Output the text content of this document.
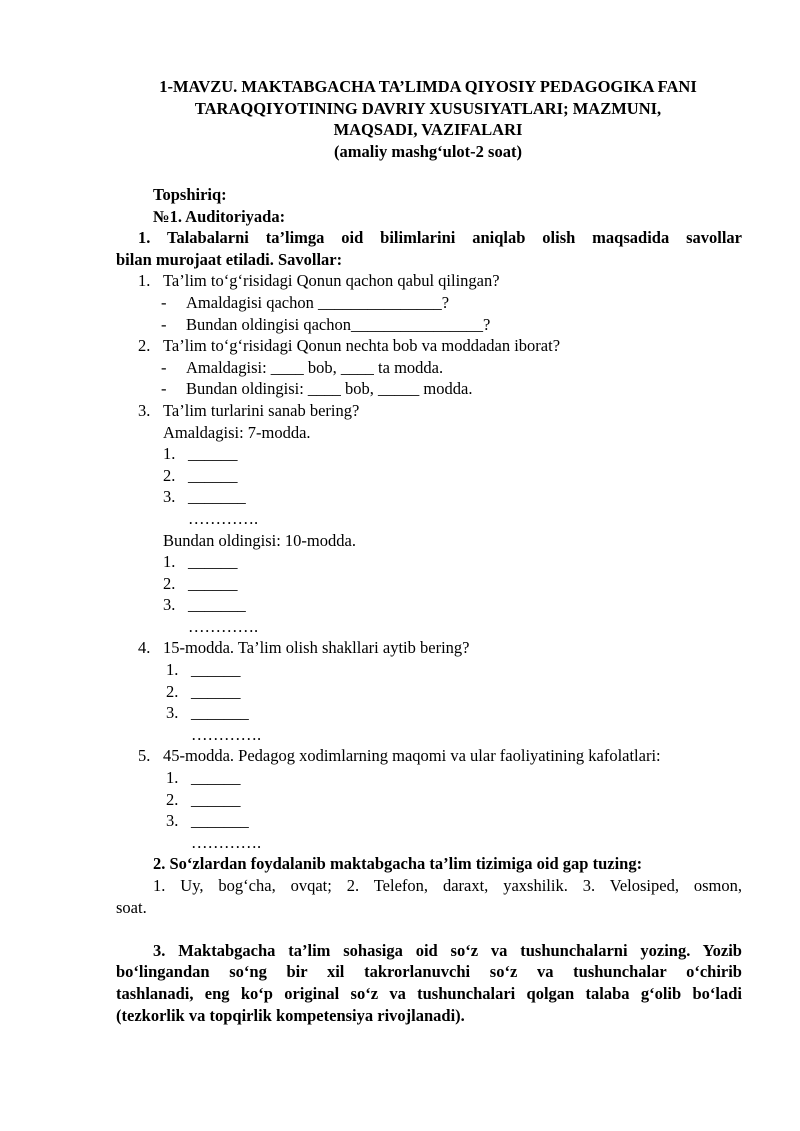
1-MAVZU. MAKTABGACHA TA’LIMDA QIYOSIY PEDAGOGIKA FANI
TARAQQIYOTINING DAVRIY XUSUSIYATLARI; MAZMUNI,
MAQSADI, VAZIFALARI
(amaliy mashg‘ulot-2 soat)
Topshiriq:
№1. Auditoriyada:
1. Talabalarni ta’limga oid bilimlarini aniqlab olish maqsadida savollar
bilan murojaat etiladi. Savollar:
1. Ta’lim to‘g‘risidagi Qonun qachon qabul qilingan?
- Amaldagisi qachon _______________?
- Bundan oldingisi qachon________________?
2. Ta’lim to‘g‘risidagi Qonun nechta bob va moddadan iborat?
- Amaldagisi: ____ bob, ____ ta modda.
- Bundan oldingisi: ____ bob, _____ modda.
3. Ta’lim turlarini sanab bering?
Amaldagisi: 7-modda.
1. ______
2. ______
3. _______
………….
Bundan oldingisi: 10-modda.
1. ______
2. ______
3. _______
………….
4. 15-modda. Ta’lim olish shakllari aytib bering?
1. ______
2. ______
3. _______
………….
5. 45-modda. Pedagog xodimlarning maqomi va ular faoliyatining kafolatlari:
1. ______
2. ______
3. _______
………….
2. So‘zlardan foydalanib maktabgacha ta’lim tizimiga oid gap tuzing:
1. Uy, bog‘cha, ovqat; 2. Telefon, daraxt, yaxshilik. 3. Velosiped, osmon,
soat.
3. Maktabgacha ta’lim sohasiga oid so‘z va tushunchalarni yozing. Yozib
bo‘lingandan so‘ng bir xil takrorlanuvchi so‘z va tushunchalar o‘chirib
tashlanadi, eng ko‘p original so‘z va tushunchalari qolgan talaba g‘olib bo‘ladi
(tezkorlik va topqirlik kompetensiya rivojlanadi).
